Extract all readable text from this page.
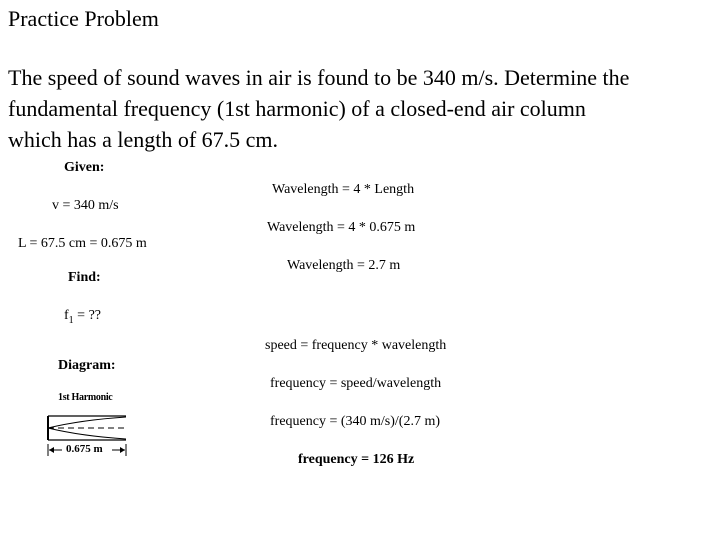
Practice Problem
The speed of sound waves in air is found to be 340 m/s. Determine the
fundamental frequency (1st harmonic) of a closed-end air column
which has a length of 67.5 cm.
Given:
v = 340 m/s
L = 67.5 cm = 0.675 m
Find:
$f_1$ = ??
Diagram:
1st Harmonic
0.675 m
Wavelength = 4 * Length
Wavelength = 4 * 0.675 m
Wavelength = 2.7 m
speed = frequency * wavelength
frequency = speed/wavelength
frequency = (340 m/s)/(2.7 m)
frequency = 126 Hz
